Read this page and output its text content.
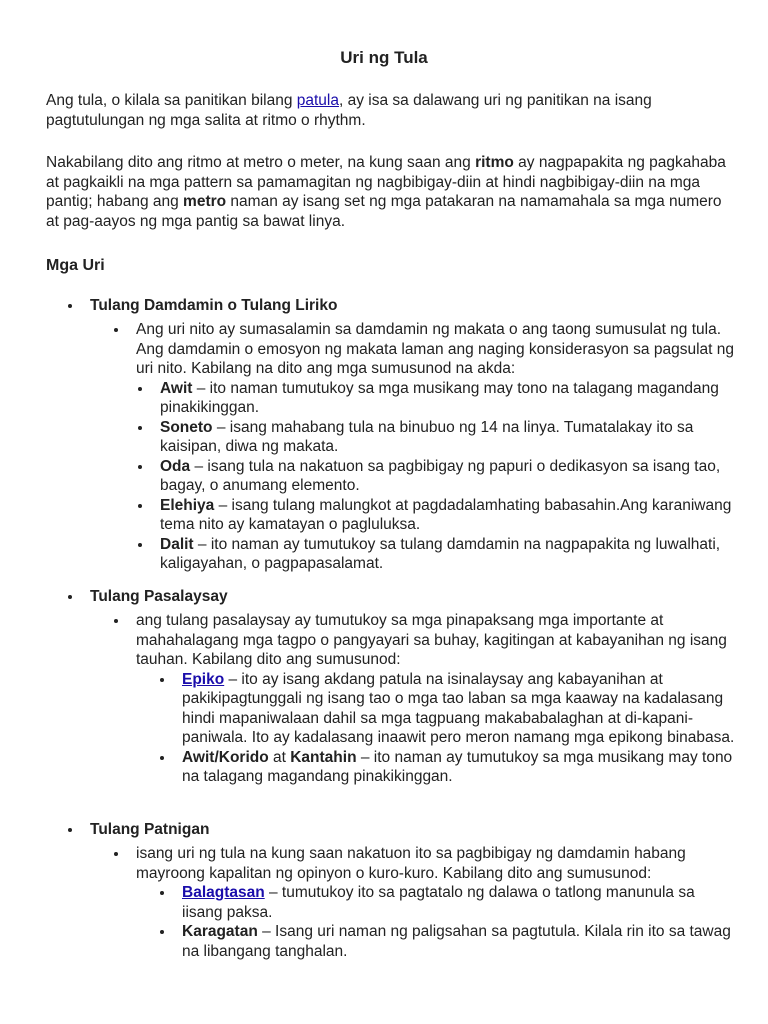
Uri ng Tula

Ang tula, o kilala sa panitikan bilang patula, ay isa sa dalawang uri ng panitikan na isang pagtutulungan ng mga salita at ritmo o rhythm.

Nakabilang dito ang ritmo at metro o meter, na kung saan ang ritmo ay nagpapakita ng pagkahaba at pagkaikli na mga pattern sa pamamagitan ng nagbibigay-diin at hindi nagbibigay-diin na mga pantig; habang ang metro naman ay isang set ng mga patakaran na namamahala sa mga numero at pag-aayos ng mga pantig sa bawat linya.

Mga Uri
Tulang Damdamin o Tulang Liriko
Ang uri nito ay sumasalamin sa damdamin ng makata o ang taong sumusulat ng tula. Ang damdamin o emosyon ng makata laman ang naging konsiderasyon sa pagsulat ng uri nito. Kabilang na dito ang mga sumusunod na akda:
Awit – ito naman tumutukoy sa mga musikang may tono na talagang magandang pinakikinggan.
Soneto – isang mahabang tula na binubuo ng 14 na linya. Tumatalakay ito sa kaisipan, diwa ng makata.
Oda – isang tula na nakatuon sa pagbibigay ng papuri o dedikasyon sa isang tao, bagay, o anumang elemento.
Elehiya – isang tulang malungkot at pagdadalamhating babasahin.Ang karaniwang tema nito ay kamatayan o pagluluksa.
Dalit – ito naman ay tumutukoy sa tulang damdamin na nagpapakita ng luwalhati, kaligayahan, o pagpapasalamat.
Tulang Pasalaysay
ang tulang pasalaysay ay tumutukoy sa mga pinapaksang mga importante at mahahalagang mga tagpo o pangyayari sa buhay, kagitingan at kabayanihan ng isang tauhan. Kabilang dito ang sumusunod:
Epiko – ito ay isang akdang patula na isinalaysay ang kabayanihan at pakikipagtunggali ng isang tao o mga tao laban sa mga kaaway na kadalasang hindi mapaniwalaan dahil sa mga tagpuang makababalaghan at di-kapani-paniwala. Ito ay kadalasang inaawit pero meron namang mga epikong binabasa.
Awit/Korido at Kantahin – ito naman ay tumutukoy sa mga musikang may tono na talagang magandang pinakikinggan.
Tulang Patnigan
isang uri ng tula na kung saan nakatuon ito sa pagbibigay ng damdamin habang mayroong kapalitan ng opinyon o kuro-kuro. Kabilang dito ang sumusunod:
Balagtasan – tumutukoy ito sa pagtatalo ng dalawa o tatlong manunula sa iisang paksa.
Karagatan – Isang uri naman ng paligsahan sa pagtutula. Kilala rin ito sa tawag na libangang tanghalan.
